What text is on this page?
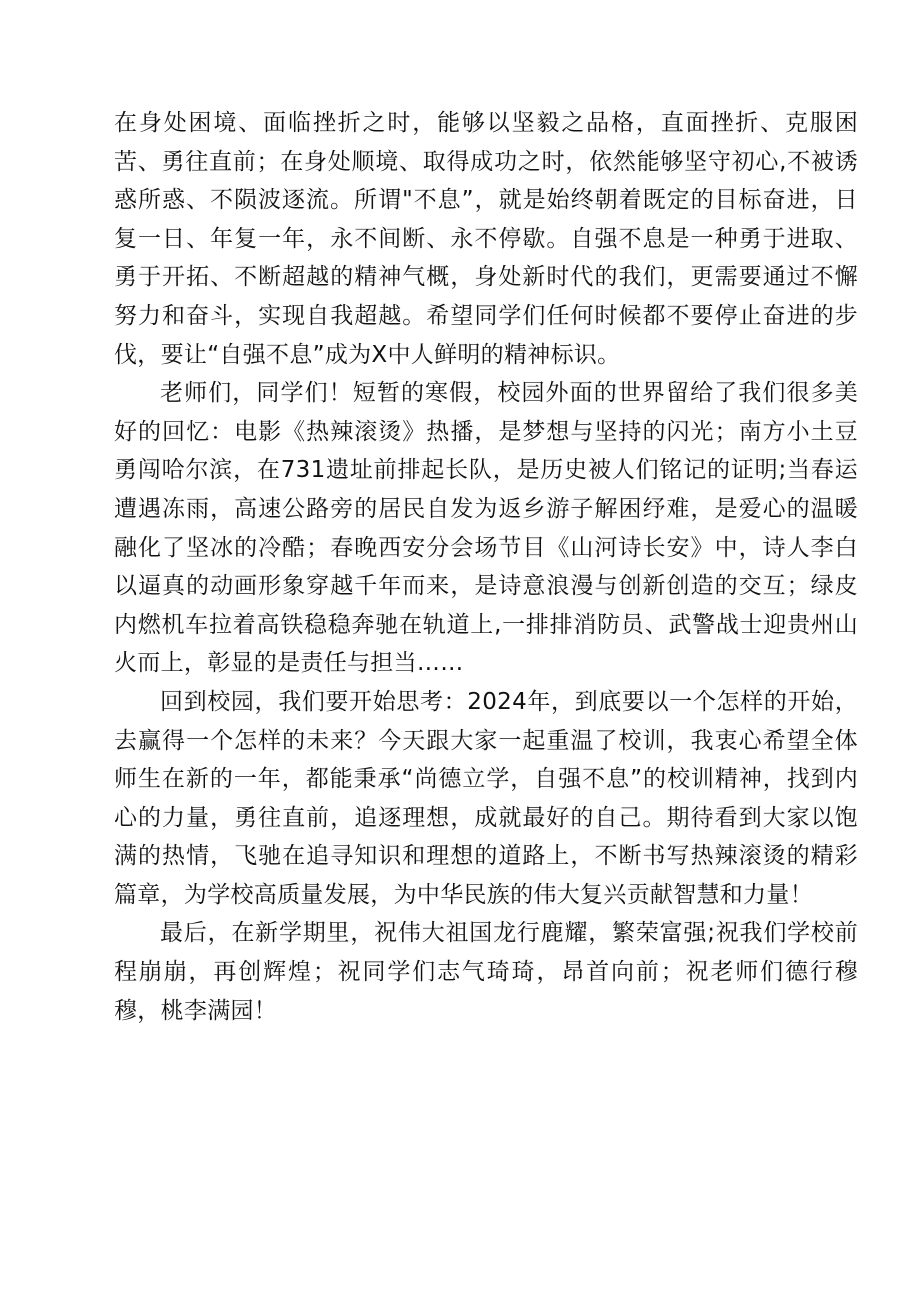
在身处困境、面临挫折之时，能够以坚毅之品格，直面挫折、克服困苦、勇往直前；在身处顺境、取得成功之时，依然能够坚守初心,不被诱惑所惑、不陨波逐流。所谓"不息”，就是始终朝着既定的目标奋进，日复一日、年复一年，永不间断、永不停歇。自强不息是一种勇于进取、勇于开拓、不断超越的精神气概，身处新时代的我们，更需要通过不懈努力和奋斗，实现自我超越。希望同学们任何时候都不要停止奋进的步伐，要让“自强不息”成为X中人鲜明的精神标识。

老师们，同学们！短暂的寒假，校园外面的世界留给了我们很多美好的回忆：电影《热辣滚烫》热播，是梦想与坚持的闪光；南方小土豆勇闯哈尔滨，在731遗址前排起长队，是历史被人们铭记的证明;当春运遭遇冻雨，高速公路旁的居民自发为返乡游子解困纾难，是爱心的温暖融化了坚冰的冷酷；春晚西安分会场节目《山河诗长安》中，诗人李白以逼真的动画形象穿越千年而来，是诗意浪漫与创新创造的交互；绿皮内燃机车拉着高铁稳稳奔驰在轨道上,一排排消防员、武警战士迎贵州山火而上，彰显的是责任与担当……

回到校园，我们要开始思考：2024年，到底要以一个怎样的开始，去赢得一个怎样的未来？今天跟大家一起重温了校训，我衷心希望全体师生在新的一年，都能秉承“尚德立学，自强不息”的校训精神，找到内心的力量，勇往直前，追逐理想，成就最好的自己。期待看到大家以饱满的热情，飞驰在追寻知识和理想的道路上，不断书写热辣滚烫的精彩篇章，为学校高质量发展，为中华民族的伟大复兴贡献智慧和力量！

最后，在新学期里，祝伟大祖国龙行鹿耀，繁荣富强;祝我们学校前程崩崩，再创辉煌；祝同学们志气琦琦，昂首向前；祝老师们德行穆穆，桃李满园！
